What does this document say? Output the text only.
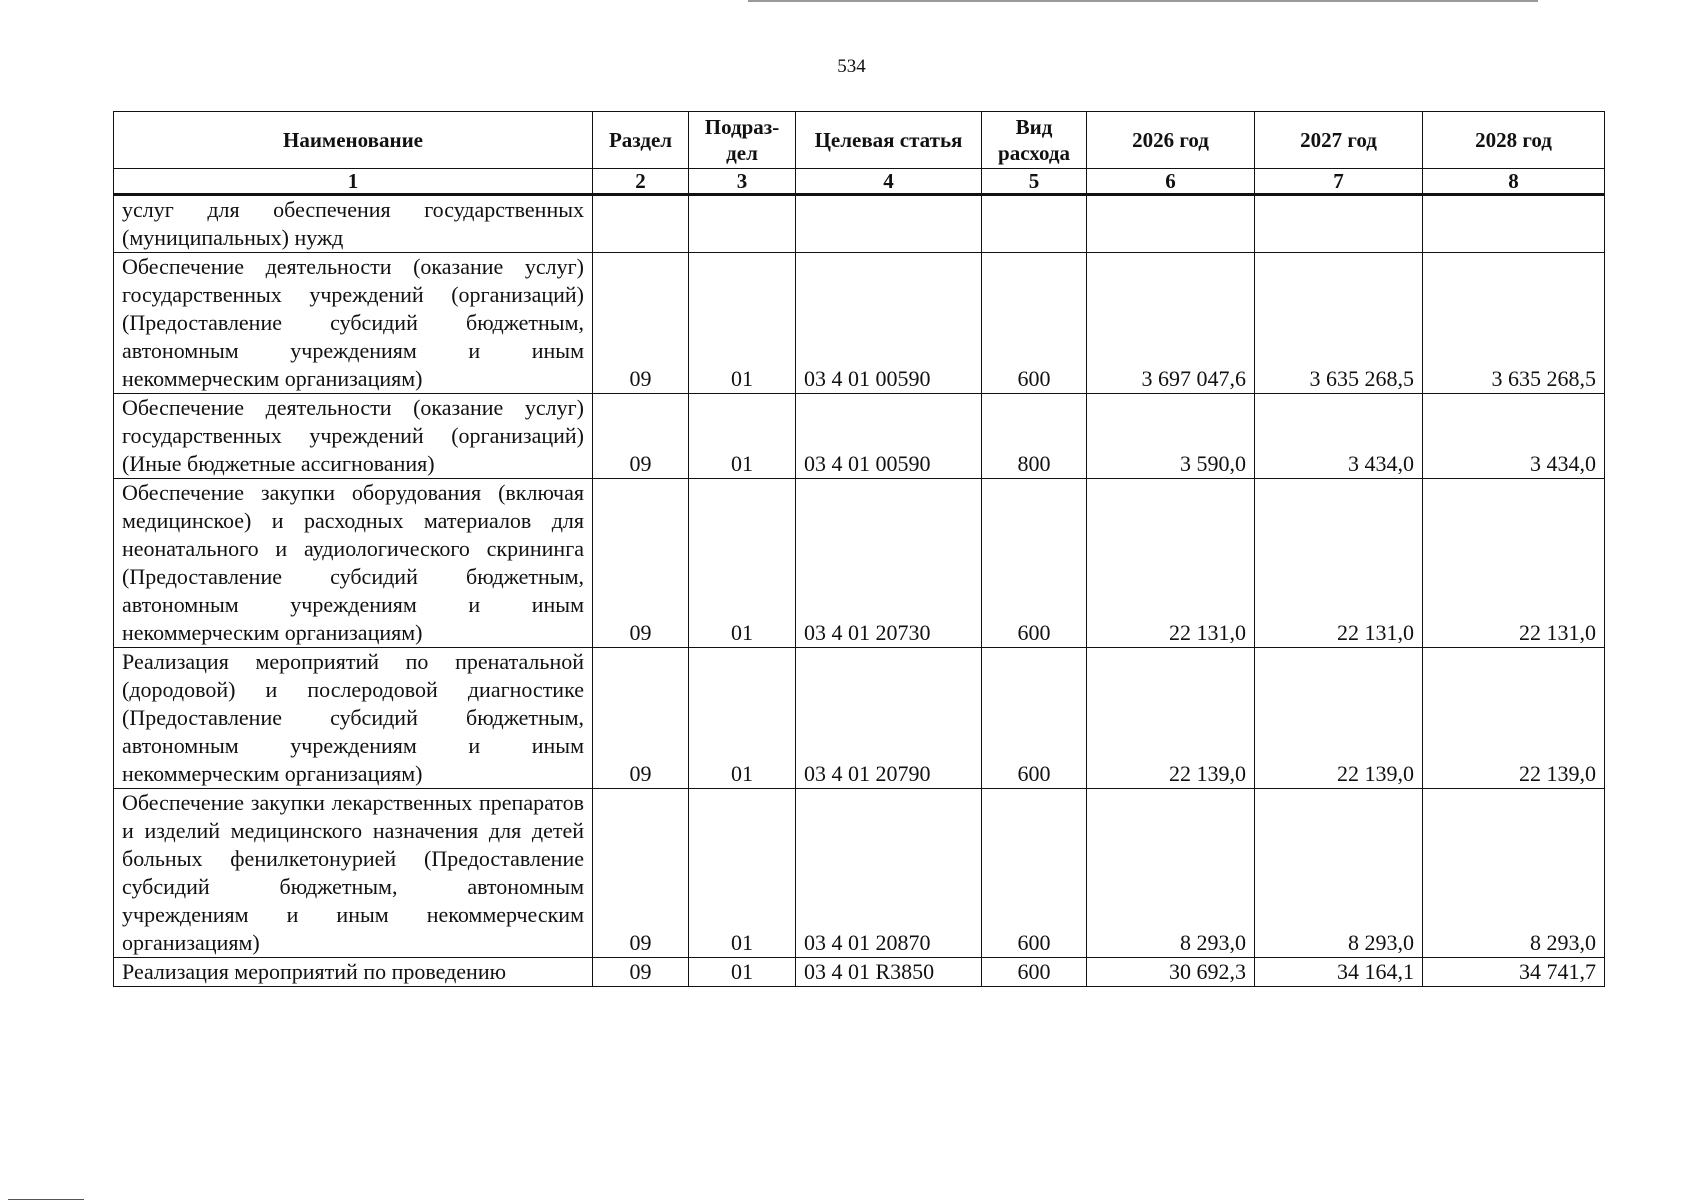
534
Наименование	Раздел	Подраз-дел	Целевая статья	Вид расхода	2026 год	2027 год	2028 год
1	2	3	4	5	6	7	8
услуг для обеспечения государственных (муниципальных) нужд							
Обеспечение деятельности (оказание услуг) государственных учреждений (организаций) (Предоставление субсидий бюджетным, автономным учреждениям и иным некоммерческим организациям)	09	01	03 4 01 00590	600	3 697 047,6	3 635 268,5	3 635 268,5
Обеспечение деятельности (оказание услуг) государственных учреждений (организаций) (Иные бюджетные ассигнования)	09	01	03 4 01 00590	800	3 590,0	3 434,0	3 434,0
Обеспечение закупки оборудования (включая медицинское) и расходных материалов для неонатального и аудиологического скрининга (Предоставление субсидий бюджетным, автономным учреждениям и иным некоммерческим организациям)	09	01	03 4 01 20730	600	22 131,0	22 131,0	22 131,0
Реализация мероприятий по пренатальной (дородовой) и послеродовой диагностике (Предоставление субсидий бюджетным, автономным учреждениям и иным некоммерческим организациям)	09	01	03 4 01 20790	600	22 139,0	22 139,0	22 139,0
Обеспечение закупки лекарственных препаратов и изделий медицинского назначения для детей больных фенилкетонурией (Предоставление субсидий бюджетным, автономным учреждениям и иным некоммерческим организациям)	09	01	03 4 01 20870	600	8 293,0	8 293,0	8 293,0
Реализация мероприятий по проведению	09	01	03 4 01 R3850	600	30 692,3	34 164,1	34 741,7
